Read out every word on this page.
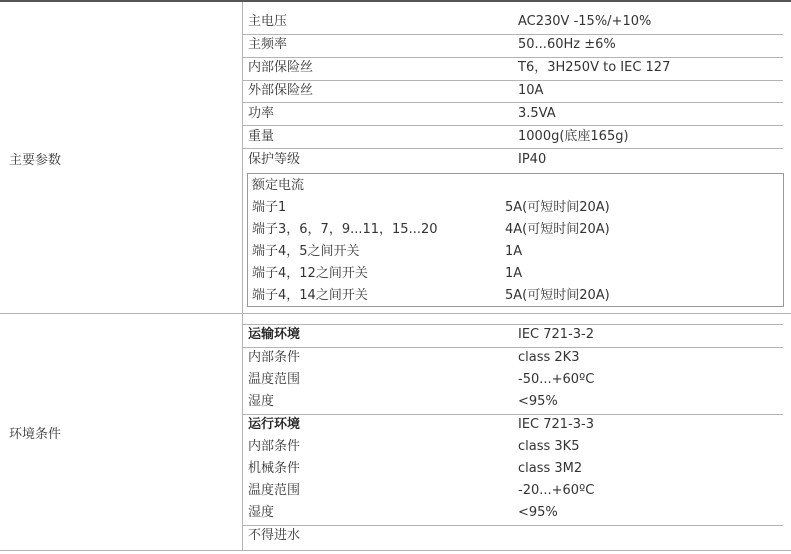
主要参数
主电压	AC230V -15%/+10%
主频率	50...60Hz ±6%
内部保险丝	T6，3H250V to IEC 127
外部保险丝	10A
功率	3.5VA
重量	1000g(底座165g)
保护等级	IP40
额定电流
端子1	5A(可短时间20A)
端子3，6，7，9...11，15...20	4A(可短时间20A)
端子4，5之间开关	1A
端子4，12之间开关	1A
端子4，14之间开关	5A(可短时间20A)
环境条件
运输环境	IEC 721-3-2
内部条件	class 2K3
温度范围	-50...+60ºC
湿度	<95%
运行环境	IEC 721-3-3
内部条件	class 3K5
机械条件	class 3M2
温度范围	-20...+60ºC
湿度	<95%
不得进水
